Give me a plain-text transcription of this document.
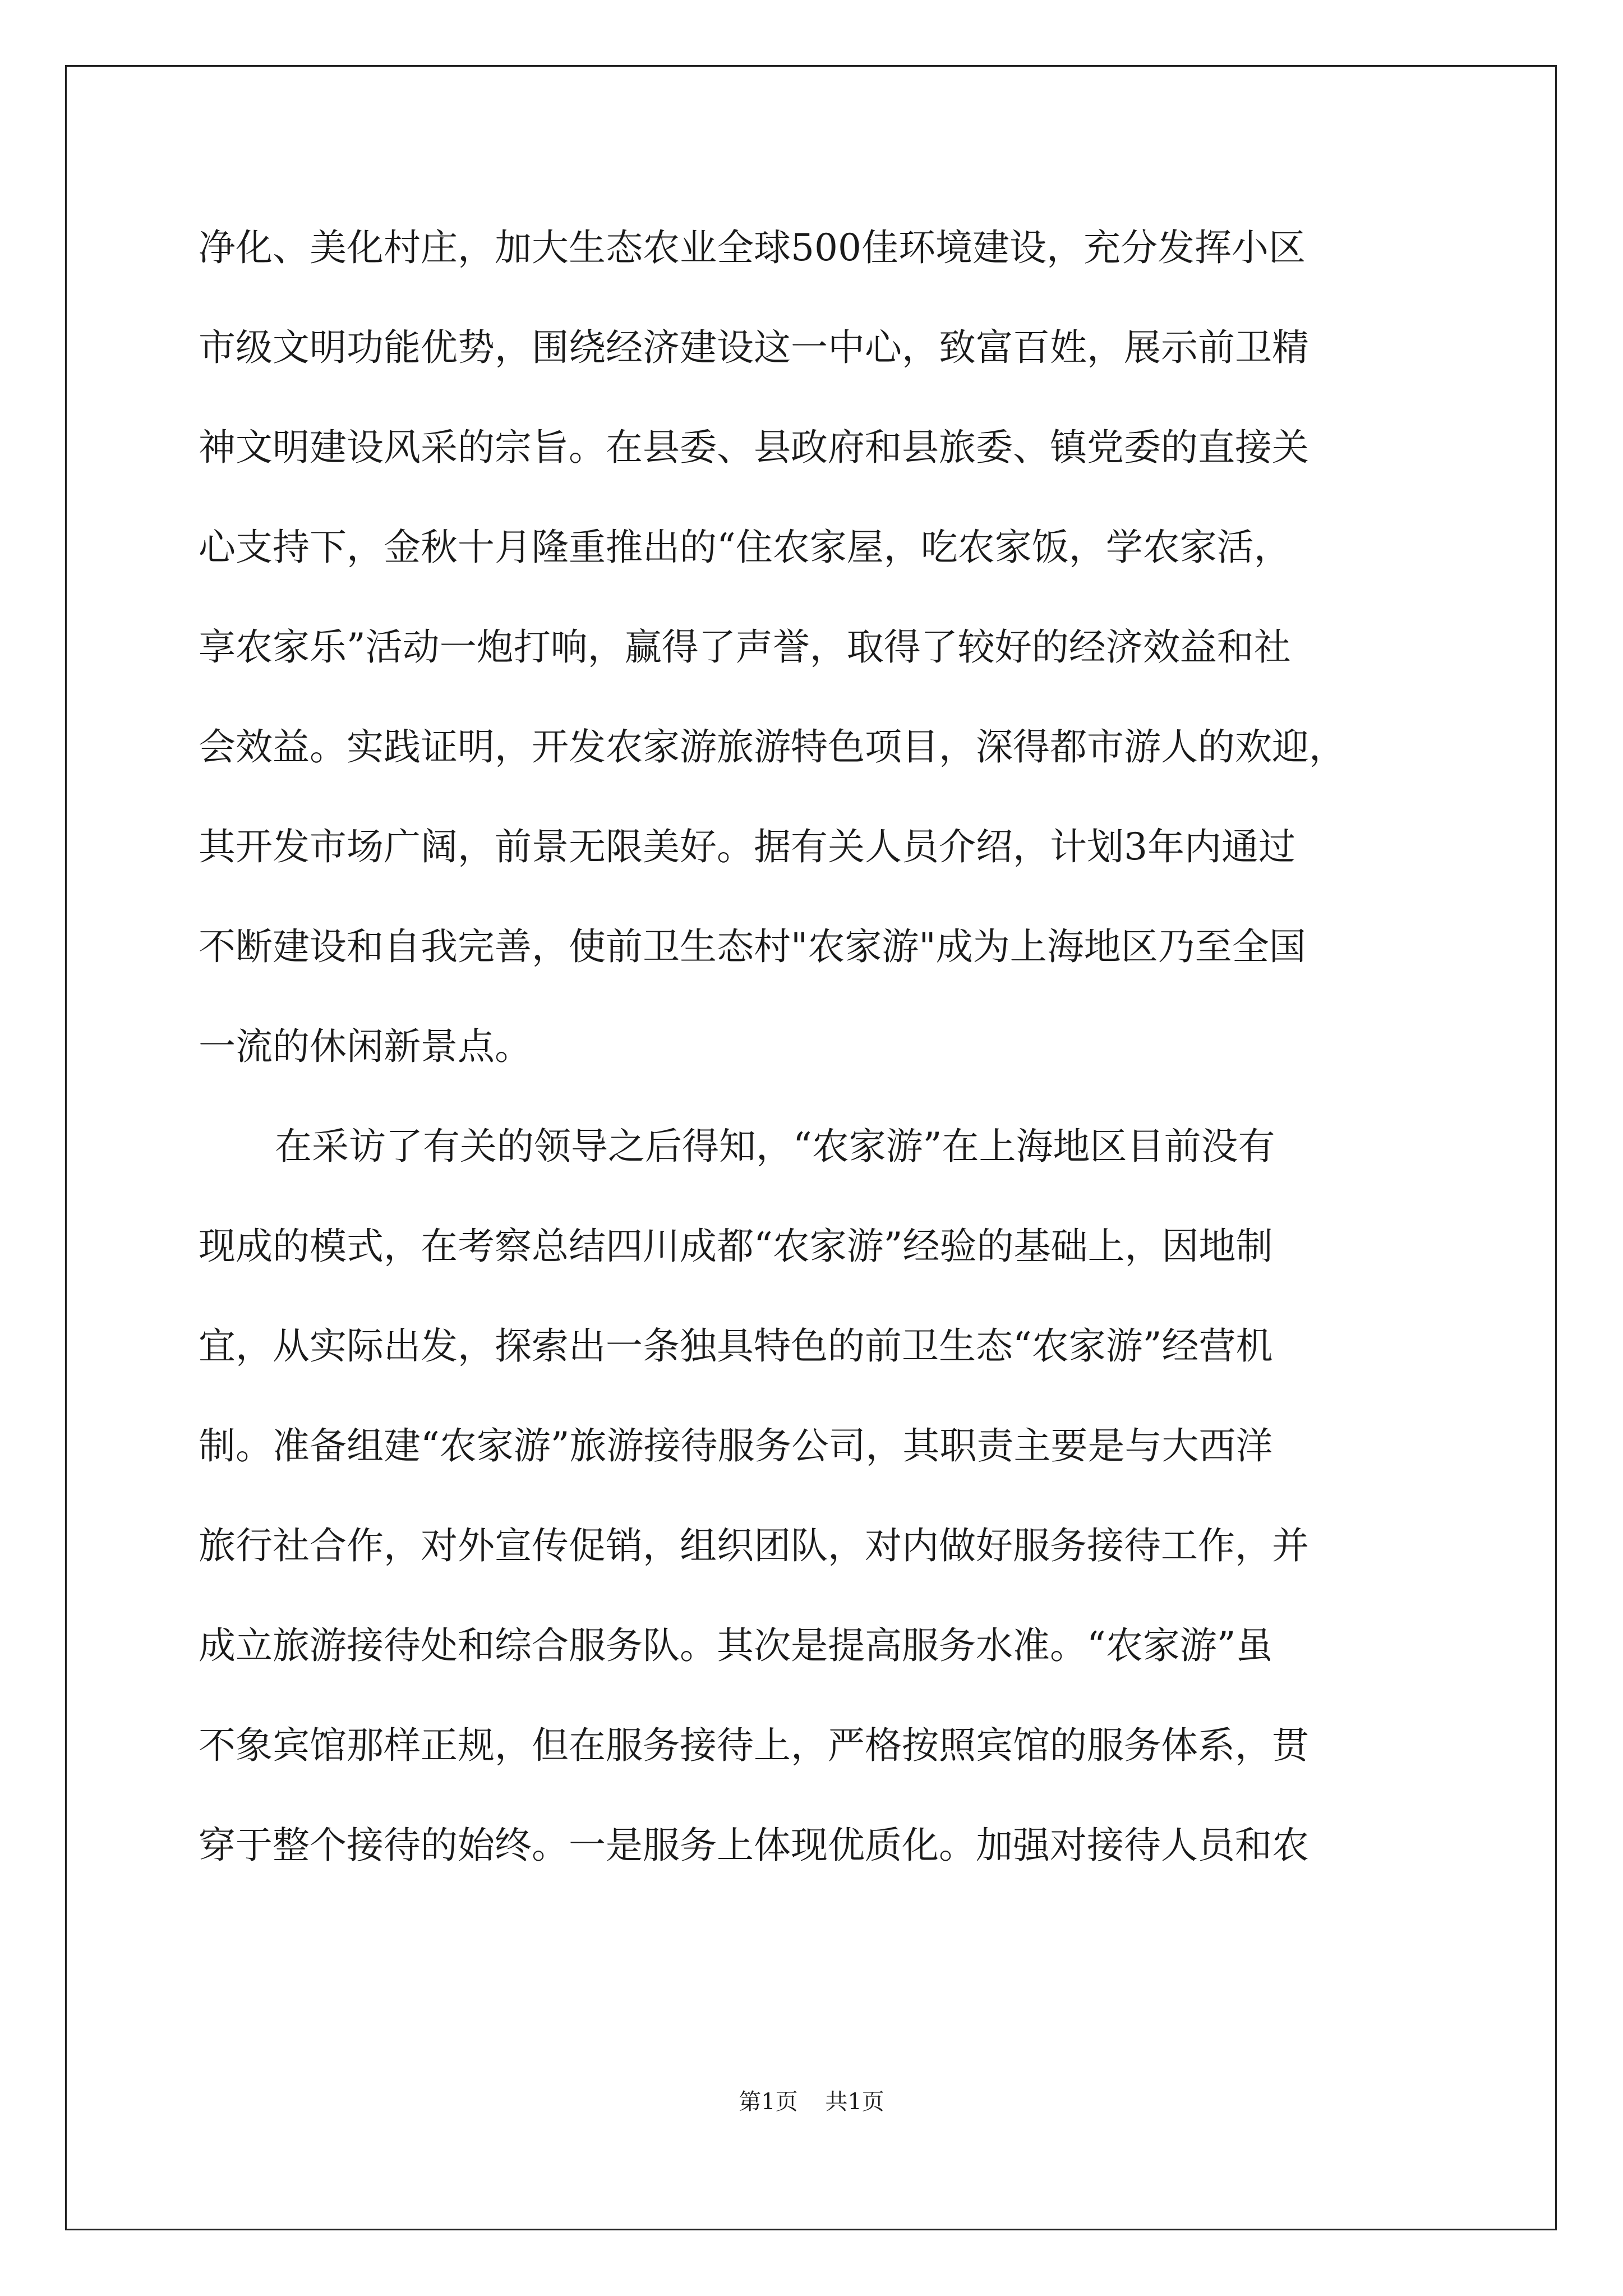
净化、美化村庄，加大生态农业全球500佳环境建设，充分发挥小区
市级文明功能优势，围绕经济建设这一中心，致富百姓，展示前卫精
神文明建设风采的宗旨。在县委、县政府和县旅委、镇党委的直接关
心支持下，金秋十月隆重推出的“住农家屋，吃农家饭，学农家活，
享农家乐”活动一炮打响，赢得了声誉，取得了较好的经济效益和社
会效益。实践证明，开发农家游旅游特色项目，深得都市游人的欢迎，
其开发市场广阔，前景无限美好。据有关人员介绍，计划3年内通过
不断建设和自我完善，使前卫生态村"农家游"成为上海地区乃至全国
一流的休闲新景点。
在采访了有关的领导之后得知，“农家游”在上海地区目前没有
现成的模式，在考察总结四川成都“农家游”经验的基础上，因地制
宜，从实际出发，探索出一条独具特色的前卫生态“农家游”经营机
制。准备组建“农家游”旅游接待服务公司，其职责主要是与大西洋
旅行社合作，对外宣传促销，组织团队，对内做好服务接待工作，并
成立旅游接待处和综合服务队。其次是提高服务水准。“农家游”虽
不象宾馆那样正规，但在服务接待上，严格按照宾馆的服务体系，贯
穿于整个接待的始终。一是服务上体现优质化。加强对接待人员和农
第1页 共1页
